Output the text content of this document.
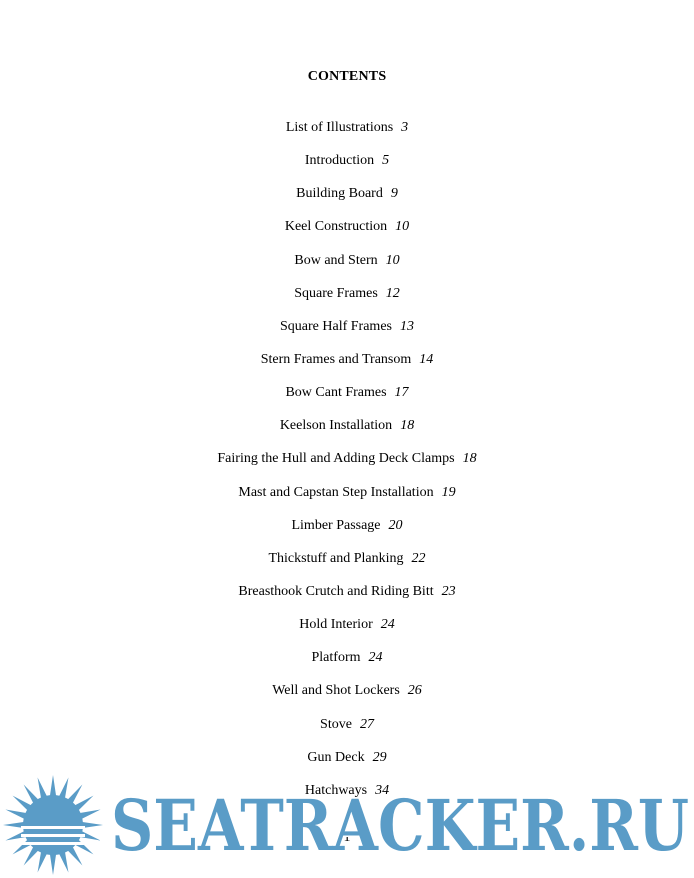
CONTENTS
List of Illustrations 3
Introduction 5
Building Board 9
Keel Construction 10
Bow and Stern 10
Square Frames 12
Square Half Frames 13
Stern Frames and Transom 14
Bow Cant Frames 17
Keelson Installation 18
Fairing the Hull and Adding Deck Clamps 18
Mast and Capstan Step Installation 19
Limber Passage 20
Thickstuff and Planking 22
Breasthook Crutch and Riding Bitt 23
Hold Interior 24
Platform 24
Well and Shot Lockers 26
Stove 27
Gun Deck 29
Hatchways 34
1
SEATRACKER.RU
